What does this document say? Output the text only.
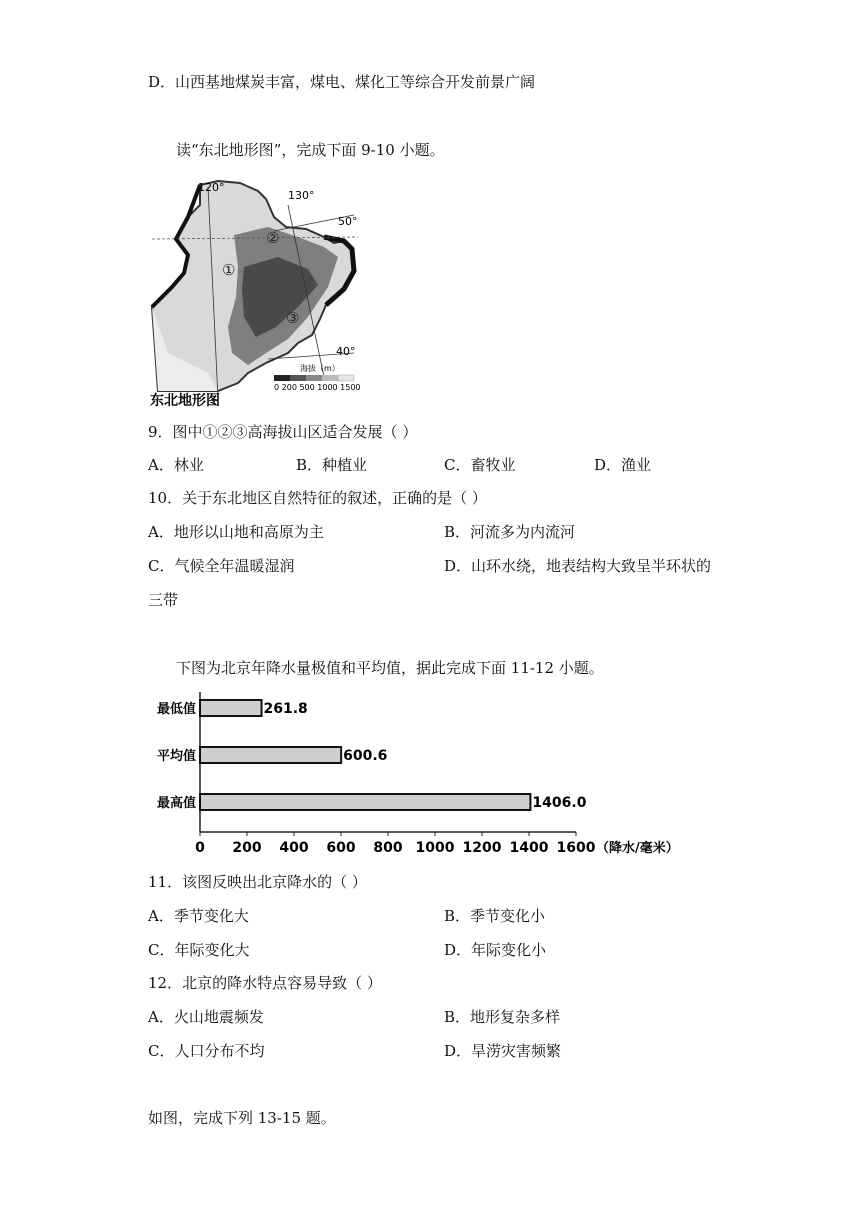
D．山西基地煤炭丰富，煤电、煤化工等综合开发前景广阔
读“东北地形图”，完成下面 9-10 小题。
120°
130°
50°
40°
①
②
③
海拔（m）
0 200 500 1000 1500
东北地形图
9．图中①②③高海拔山区适合发展（ ）
A．林业	B．种植业	C．畜牧业	D．渔业
10．关于东北地区自然特征的叙述，正确的是（ ）
A．地形以山地和高原为主	B．河流多为内流河
C．气候全年温暖湿润	D．山环水绕，地表结构大致呈半环状的
三带
下图为北京年降水量极值和平均值，据此完成下面 11-12 小题。
0 200 400 600 800 1000 1200 1400 1600 （降水/毫米）
最低值	261.8
平均值	600.6
最高值	1406.0
11．该图反映出北京降水的（ ）
A．季节变化大	B．季节变化小
C．年际变化大	D．年际变化小
12．北京的降水特点容易导致（ ）
A．火山地震频发	B．地形复杂多样
C．人口分布不均	D．旱涝灾害频繁
如图，完成下列 13-15 题。
